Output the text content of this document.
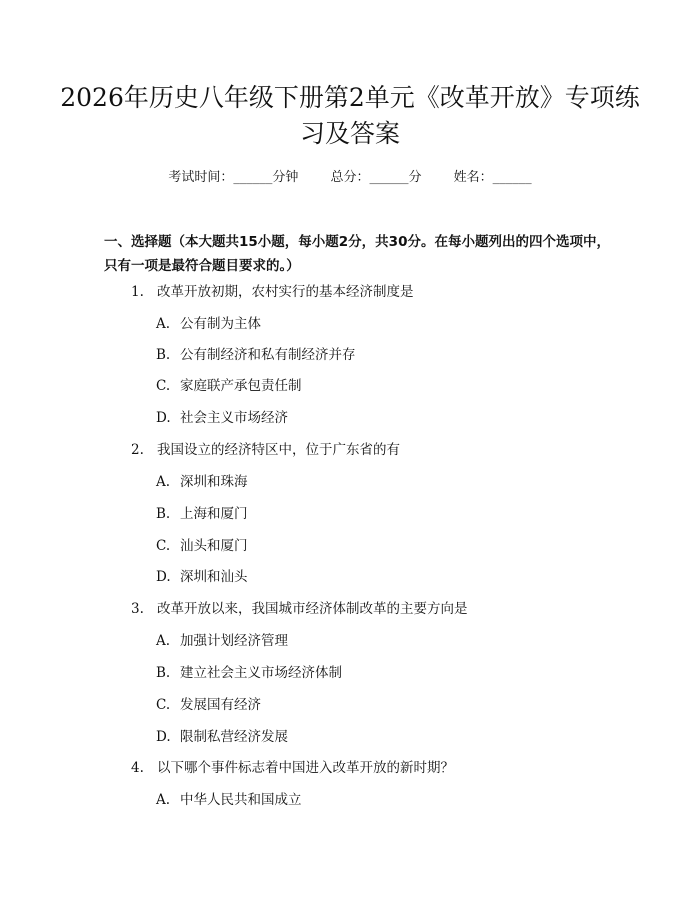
2026年历史八年级下册第2单元《改革开放》专项练习及答案
考试时间：______分钟 总分：______分 姓名：______

一、选择题（本大题共15小题，每小题2分，共30分。在每小题列出的四个选项中，只有一项是最符合题目要求的。）

1. 改革开放初期，农村实行的基本经济制度是
A. 公有制为主体
B. 公有制经济和私有制经济并存
C. 家庭联产承包责任制
D. 社会主义市场经济
2. 我国设立的经济特区中，位于广东省的有
A. 深圳和珠海
B. 上海和厦门
C. 汕头和厦门
D. 深圳和汕头
3. 改革开放以来，我国城市经济体制改革的主要方向是
A. 加强计划经济管理
B. 建立社会主义市场经济体制
C. 发展国有经济
D. 限制私营经济发展
4. 以下哪个事件标志着中国进入改革开放的新时期？
A. 中华人民共和国成立
